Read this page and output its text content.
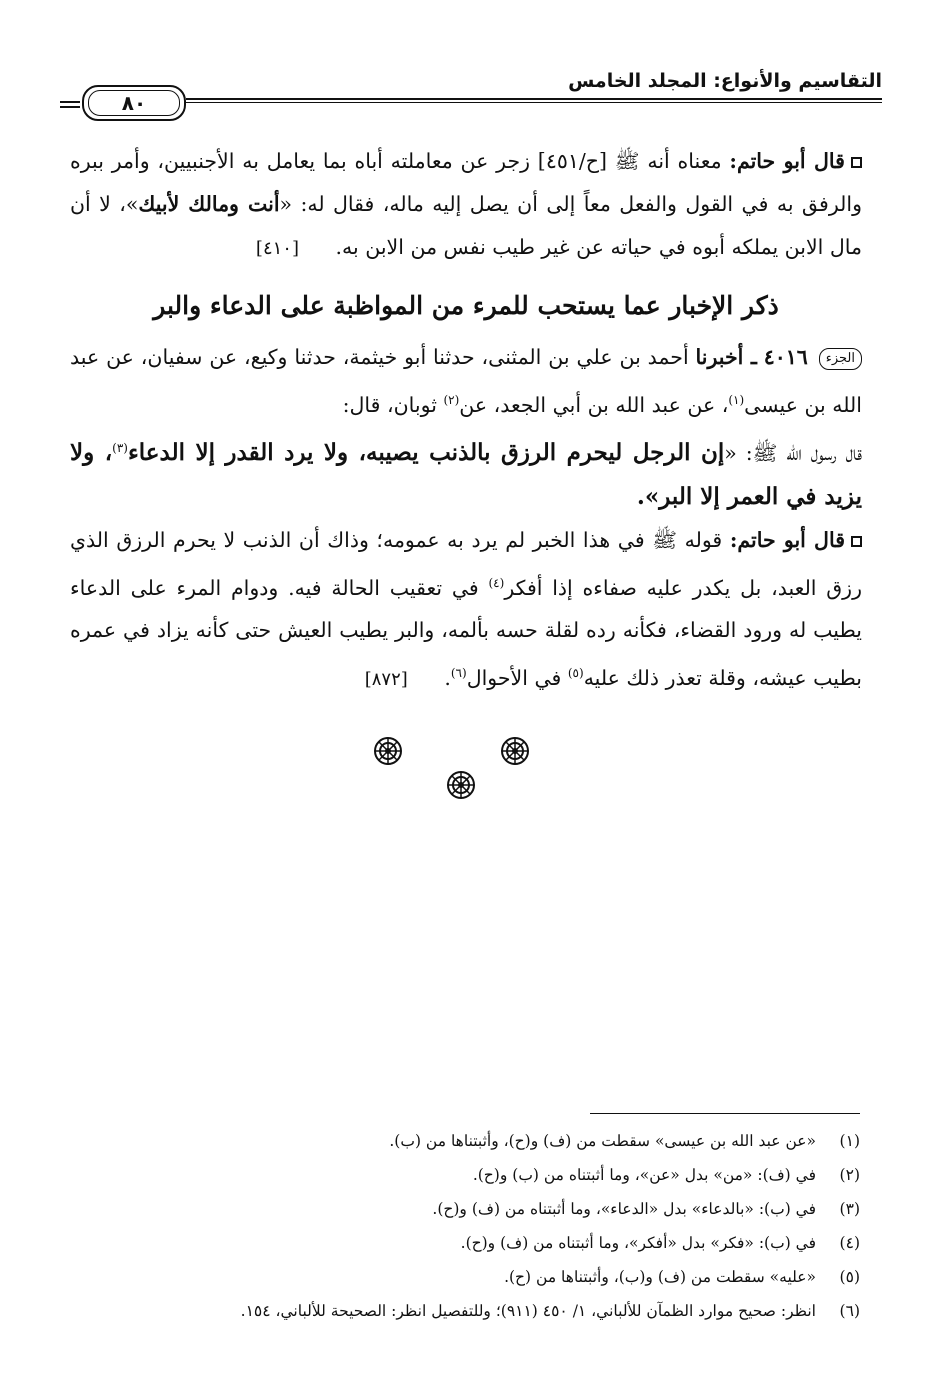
التقاسيم والأنواع: المجلد الخامس
٨٠

قال أبو حاتم: معناه أنه ﷺ [ح/٤٥١] زجر عن معاملته أباه بما يعامل به الأجنبيين، وأمر ببره والرفق به في القول والفعل معاً إلى أن يصل إليه ماله، فقال له: «أنت ومالك لأبيك»، لا أن مال الابن يملكه أبوه في حياته عن غير طيب نفس من الابن به. [٤١٠]

ذكر الإخبار عما يستحب للمرء من المواظبة على الدعاء والبر

الجزء ٤٠١٦ ـ أخبرنا أحمد بن علي بن المثنى، حدثنا أبو خيثمة، حدثنا وكيع، عن سفيان، عن عبد الله بن عيسى$^{(١)}$، عن عبد الله بن أبي الجعد، عن$^{(٢)}$ ثوبان، قال:

قال رسول الله ﷺ: «إن الرجل ليحرم الرزق بالذنب يصيبه، ولا يرد القدر إلا الدعاء$^{(٣)}$، ولا يزيد في العمر إلا البر».

قال أبو حاتم: قوله ﷺ في هذا الخبر لم يرد به عمومه؛ وذاك أن الذنب لا يحرم الرزق الذي رزق العبد، بل يكدر عليه صفاءه إذا أفكر$^{(٤)}$ في تعقيب الحالة فيه. ودوام المرء على الدعاء يطيب له ورود القضاء، فكأنه رده لقلة حسه بألمه، والبر يطيب العيش حتى كأنه يزاد في عمره بطيب عيشه، وقلة تعذر ذلك عليه$^{(٥)}$ في الأحوال$^{(٦)}$. [٨٧٢]

(١)«عن عبد الله بن عيسى» سقطت من (ف) و(ح)، وأثبتناها من (ب).
(٢)في (ف): «من» بدل «عن»، وما أثبتناه من (ب) و(ح).
(٣)في (ب): «بالدعاء» بدل «الدعاء»، وما أثبتناه من (ف) و(ح).
(٤)في (ب): «فكر» بدل «أفكر»، وما أثبتناه من (ف) و(ح).
(٥)«عليه» سقطت من (ف) و(ب)، وأثبتناها من (ح).
(٦)انظر: صحيح موارد الظمآن للألباني، ١/ ٤٥٠ (٩١١)؛ وللتفصيل انظر: الصحيحة للألباني، ١٥٤.
